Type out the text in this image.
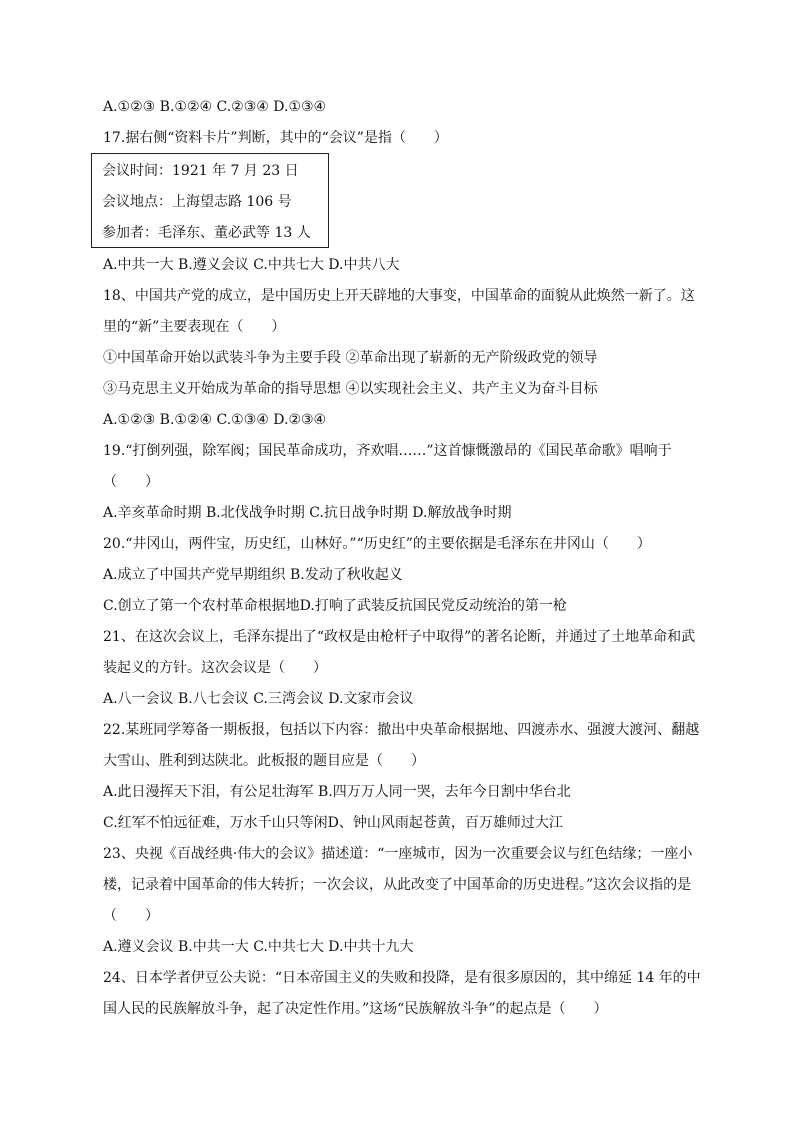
A.①②③ B.①②④ C.②③④ D.①③④
17.据右侧“资料卡片”判断，其中的“会议”是指（　　）
会议时间：1921 年 7 月 23 日
会议地点：上海望志路 106 号
参加者：毛泽东、董必武等 13 人
A.中共一大 B.遵义会议 C.中共七大 D.中共八大
18、中国共产党的成立，是中国历史上开天辟地的大事变，中国革命的面貌从此焕然一新了。这
里的“新”主要表现在（　　）
①中国革命开始以武装斗争为主要手段 ②革命出现了崭新的无产阶级政党的领导
③马克思主义开始成为革命的指导思想 ④以实现社会主义、共产主义为奋斗目标
A.①②③ B.①②④ C.①③④ D.②③④
19.“打倒列强，除军阀；国民革命成功，齐欢唱……”这首慷慨激昂的《国民革命歌》唱响于
（　　）
A.辛亥革命时期 B.北伐战争时期 C.抗日战争时期 D.解放战争时期
20.“井冈山，两件宝，历史红，山林好。”“历史红”的主要依据是毛泽东在井冈山（　　）
A.成立了中国共产党早期组织 B.发动了秋收起义
C.创立了第一个农村革命根据地D.打响了武装反抗国民党反动统治的第一枪
21、在这次会议上，毛泽东提出了“政权是由枪杆子中取得”的著名论断，并通过了土地革命和武
装起义的方针。这次会议是（　　）
A.八一会议 B.八七会议 C.三湾会议 D.文家市会议
22.某班同学筹备一期板报，包括以下内容：撤出中央革命根据地、四渡赤水、强渡大渡河、翻越
大雪山、胜利到达陕北。此板报的题目应是（　　）
A.此日漫挥天下泪，有公足壮海军 B.四万万人同一哭，去年今日割中华台北
C.红军不怕远征难，万水千山只等闲D、钟山风雨起苍黄，百万雄师过大江
23、央视《百战经典·伟大的会议》描述道：“一座城市，因为一次重要会议与红色结缘；一座小
楼，记录着中国革命的伟大转折；一次会议，从此改变了中国革命的历史进程。”这次会议指的是
（　　）
A.遵义会议 B.中共一大 C.中共七大 D.中共十九大
24、日本学者伊豆公夫说：“日本帝国主义的失败和投降，是有很多原因的，其中绵延 14 年的中
国人民的民族解放斗争，起了决定性作用。”这场“民族解放斗争”的起点是（　　）
